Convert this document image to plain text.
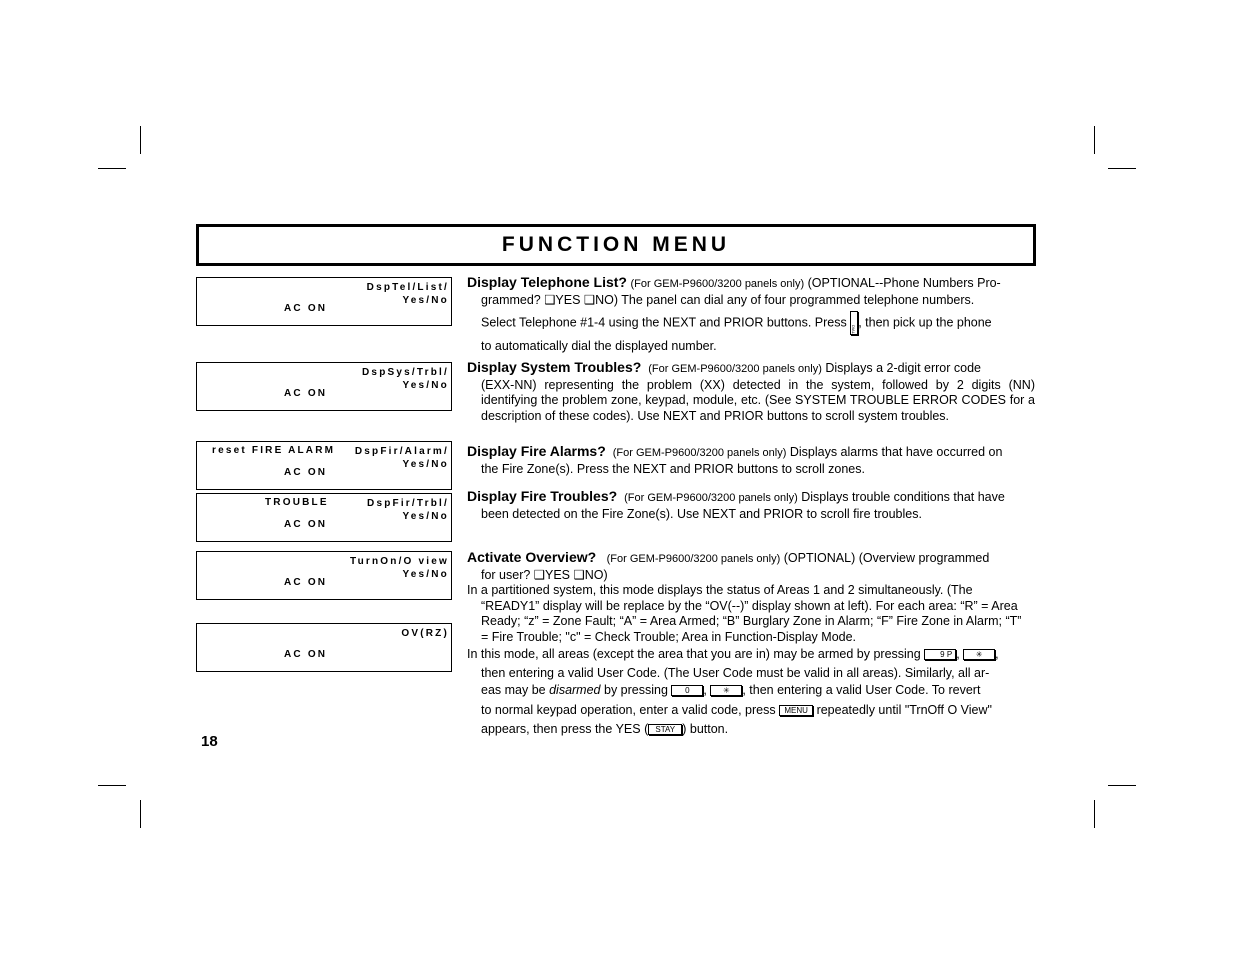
FUNCTION MENU
DspTel/List/
Yes/No
AC ON
DspSys/Trbl/
Yes/No
AC ON
reset FIRE ALARM DspFir/Alarm/
Yes/No
AC ON
TROUBLE	DspFir/Trbl/
Yes/No
AC ON
TurnOn/O view
Yes/No
AC ON
OV(RZ)
AC ON
Display Telephone List? (For GEM-P9600/3200 panels only) (OPTIONAL--Phone Numbers Pro-
grammed? ❑YES ❑NO) The panel can dial any of four programmed telephone numbers.
Select Telephone #1-4 using the NEXT and PRIOR buttons. Press DIAL, then pick up the phone
to automatically dial the displayed number.
Display System Troubles? (For GEM-P9600/3200 panels only) Displays a 2-digit error code
(EXX-NN) representing the problem (XX) detected in the system, followed by 2 digits (NN) identifying the problem zone, keypad, module, etc. (See SYSTEM TROUBLE ERROR CODES for a description of these codes). Use NEXT and PRIOR buttons to scroll system troubles.
Display Fire Alarms? (For GEM-P9600/3200 panels only) Displays alarms that have occurred on
the Fire Zone(s). Press the NEXT and PRIOR buttons to scroll zones.
Display Fire Troubles? (For GEM-P9600/3200 panels only) Displays trouble conditions that have
been detected on the Fire Zone(s). Use NEXT and PRIOR to scroll fire troubles.
Activate Overview? (For GEM-P9600/3200 panels only) (OPTIONAL) (Overview programmed
for user? ❑YES ❑NO)
In a partitioned system, this mode displays the status of Areas 1 and 2 simultaneously. (The
“READY1” display will be replace by the “OV(--)” display shown at left). For each area: “R” = Area Ready; “z” = Zone Fault; “A” = Area Armed; “B” Burglary Zone in Alarm; “F” Fire Zone in Alarm; “T” = Fire Trouble; "c" = Check Trouble; Area in Function-Display Mode.
In this mode, all areas (except the area that you are in) may be armed by pressing 9 P , ✳ ,
then entering a valid User Code. (The User Code must be valid in all areas). Similarly, all ar-
eas may be disarmed by pressing 0 , ✳ , then entering a valid User Code. To revert
to normal keypad operation, enter a valid code, press MENU repeatedly until "TrnOff O View"
appears, then press the YES ( STAY ) button.
18
